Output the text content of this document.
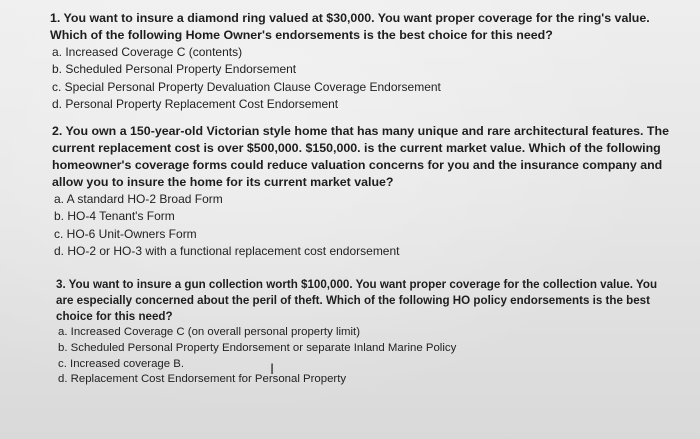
1. You want to insure a diamond ring valued at $30,000. You want proper coverage for the ring's value. Which of the following Home Owner's endorsements is the best choice for this need?

a. Increased Coverage C (contents)

b. Scheduled Personal Property Endorsement

c. Special Personal Property Devaluation Clause Coverage Endorsement

d. Personal Property Replacement Cost Endorsement

2. You own a 150-year-old Victorian style home that has many unique and rare architectural features. The current replacement cost is over $500,000. $150,000. is the current market value. Which of the following homeowner's coverage forms could reduce valuation concerns for you and the insurance company and allow you to insure the home for its current market value?

a. A standard HO-2 Broad Form

b. HO-4 Tenant's Form

c. HO-6 Unit-Owners Form

d. HO-2 or HO-3 with a functional replacement cost endorsement

3. You want to insure a gun collection worth $100,000. You want proper coverage for the collection value. You are especially concerned about the peril of theft. Which of the following HO policy endorsements is the best choice for this need?

a. Increased Coverage C (on overall personal property limit)

b. Scheduled Personal Property Endorsement or separate Inland Marine Policy

c. Increased coverage B.

d. Replacement Cost Endorsement for Personal Property

I
